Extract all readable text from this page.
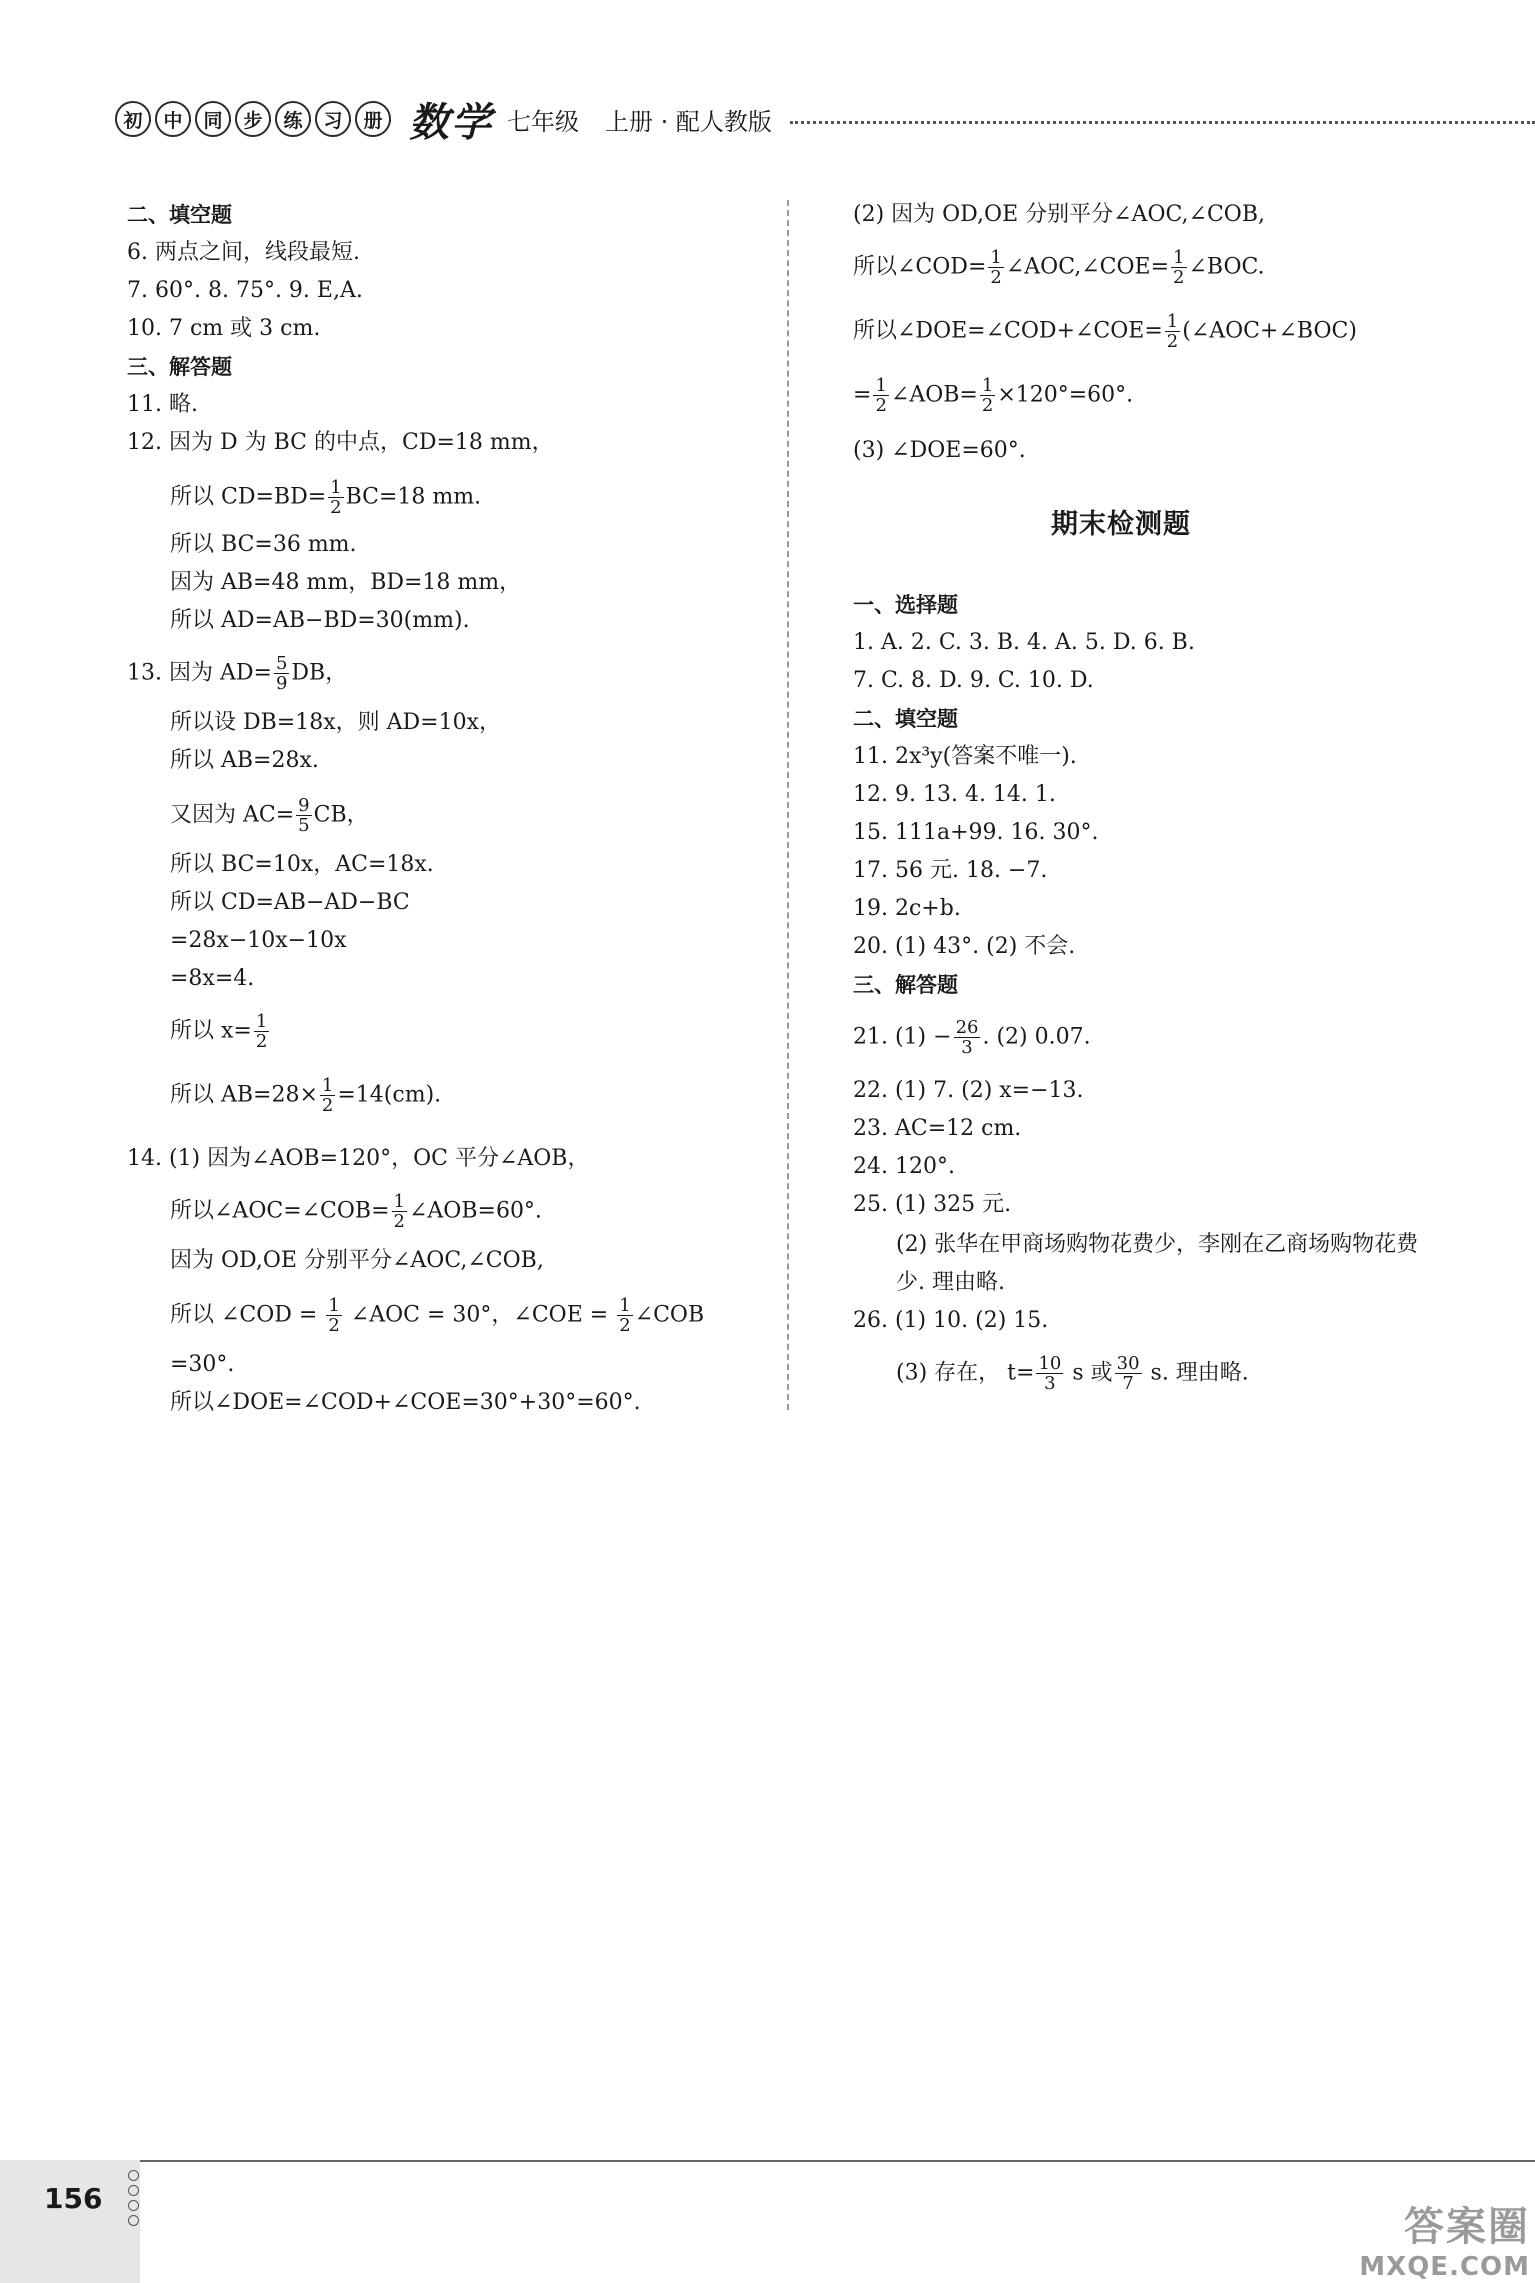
初	中	同	步	练	习	册 数学 七年级 上册 · 配人教版
二、填空题
6. 两点之间，线段最短.
7. 60°. 8. 75°. 9. E,A.
10. 7 cm 或 3 cm.
三、解答题
11. 略.
12. 因为 D 为 BC 的中点，CD=18 mm，
所以 $CD=BD= \frac{1}{2} BC=18$ mm.
所以 BC=36 mm.
因为 AB=48 mm，BD=18 mm，
所以 AD=AB−BD=30(mm).
13. 因为 $AD= \frac{5}{9}$ DB，
所以设 DB=18x，则 AD=10x，
所以 AB=28x.
又因为 $AC= \frac{9}{5}$ CB，
所以 BC=10x，AC=18x.
所以 CD=AB−AD−BC
=28x−10x−10x
=8x=4.
所以 $x= \frac{1}{2}$
所以 $AB=28\times \frac{1}{2} =14(cm)$.
14. (1) 因为∠AOB=120°，OC 平分∠AOB，
所以∠AOC=∠COB= $\frac{1}{2}$ ∠AOB=60°.
因为 OD,OE 分别平分∠AOC,∠COB,
所以 ∠COD = $\frac{1}{2}$ ∠AOC = 30°，∠COE = $\frac{1}{2}$ ∠COB
=30°.
所以∠DOE=∠COD+∠COE=30°+30°=60°.
(2) 因为 OD,OE 分别平分∠AOC,∠COB,
所以∠COD= $\frac{1}{2}$ ∠AOC,∠COE= $\frac{1}{2}$ ∠BOC.
所以∠DOE=∠COD+∠COE= $\frac{1}{2}$ (∠AOC+∠BOC)
= $\frac{1}{2}$ ∠AOB= $\frac{1}{2} \times 120^\circ=60^\circ$.
(3) ∠DOE=60°.
期末检测题
一、选择题
1. A. 2. C. 3. B. 4. A. 5. D. 6. B.
7. C. 8. D. 9. C. 10. D.
二、填空题
11. 2x³y(答案不唯一).
12. 9. 13. 4. 14. 1.
15. 111a+99. 16. 30°.
17. 56 元. 18. −7.
19. 2c+b.
20. (1) 43°. (2) 不会.
三、解答题
21. $(1) - \frac{26}{3}$ . (2) 0.07.
22. (1) 7. (2) x=−13.
23. AC=12 cm.
24. 120°.
25. (1) 325 元.
(2) 张华在甲商场购物花费少，李刚在乙商场购物花费
少. 理由略.
26. (1) 10. (2) 15.
(3) 存在， $t= \frac{10}{3}$ s 或 $\frac{30}{7} s$. 理由略.
156
答案圈
MXQE.COM
